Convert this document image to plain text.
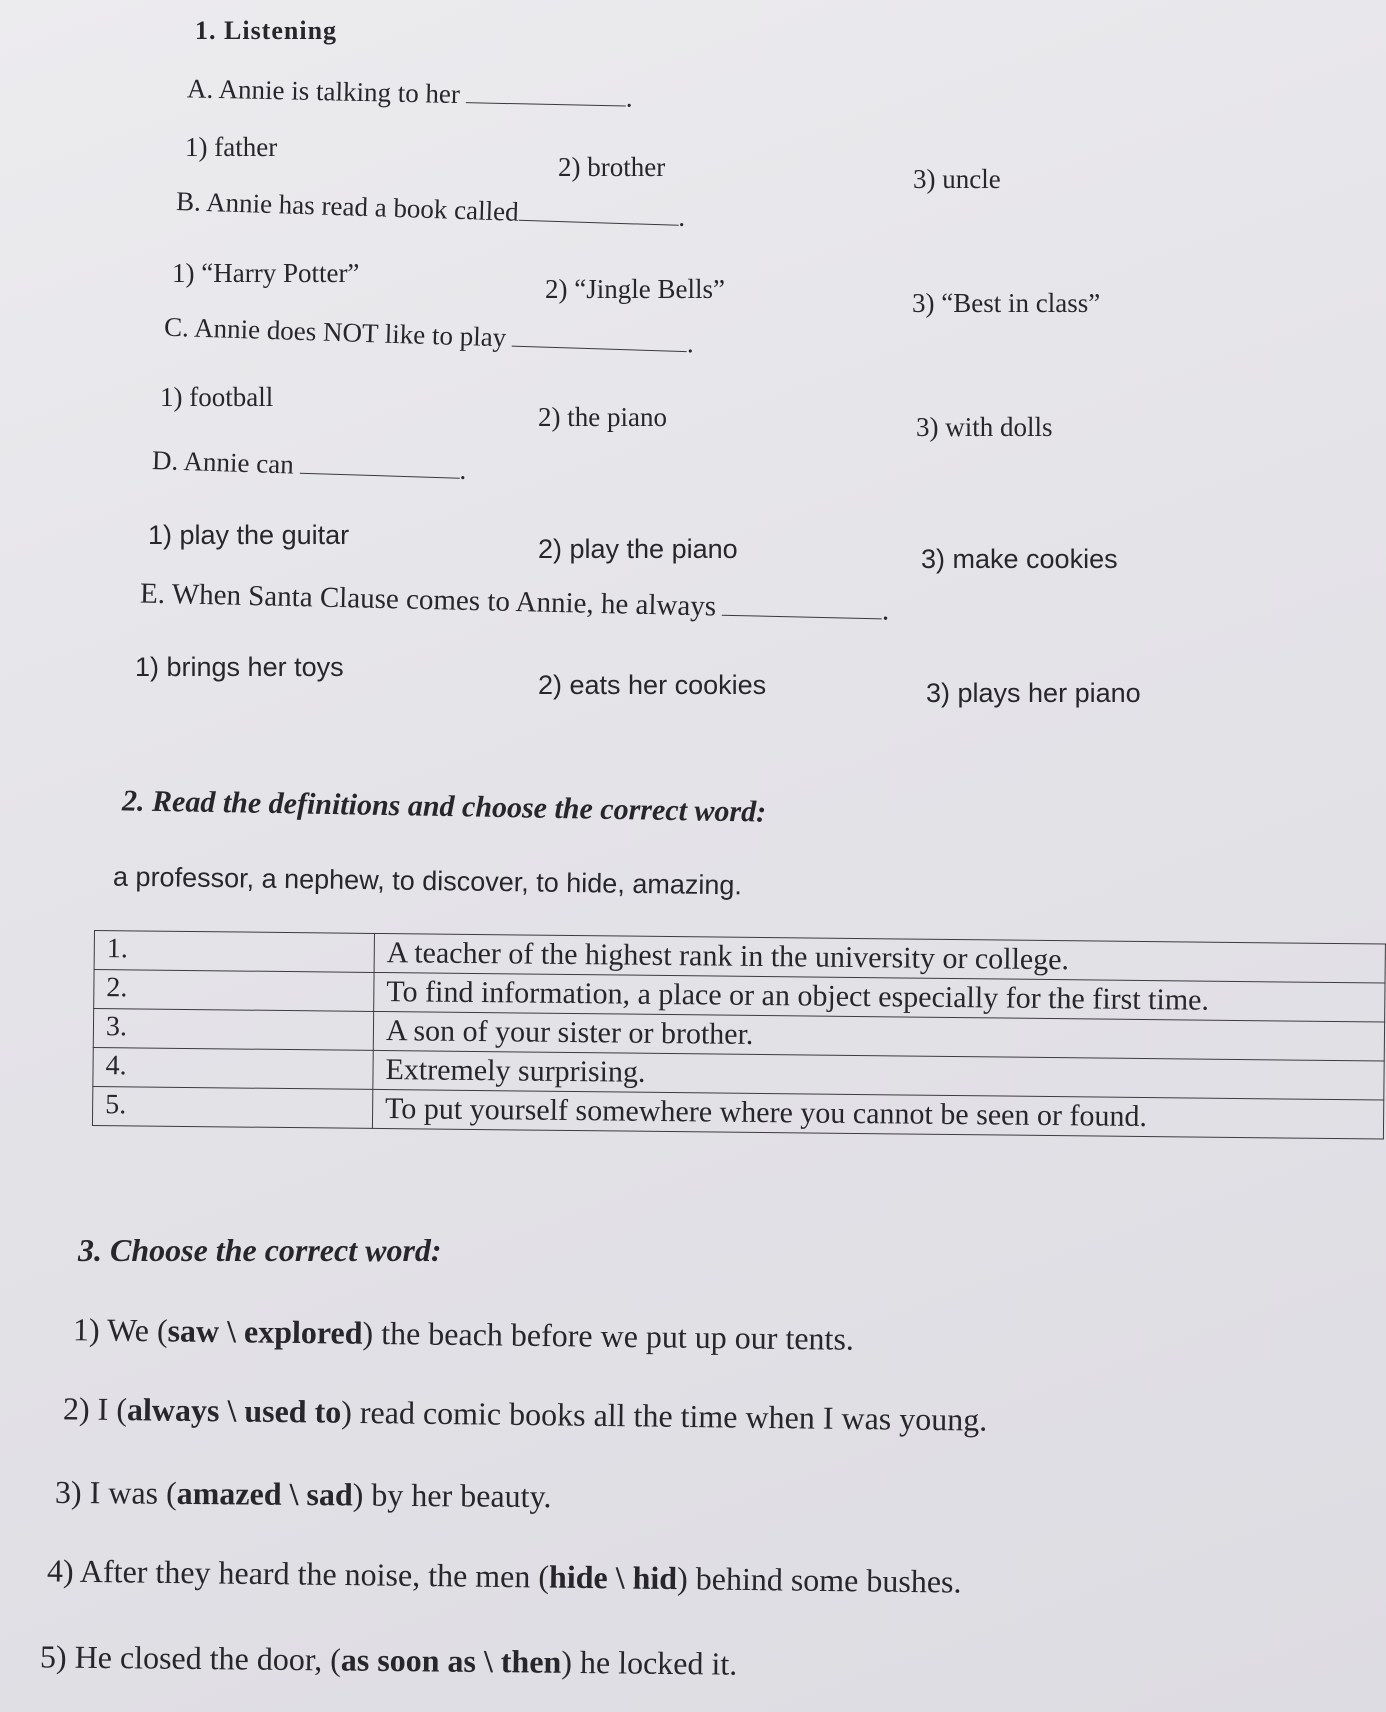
1. Listening
A. Annie is talking to her	.
1) father
2) brother	3) uncle
B. Annie has read a book called	.
1) “Harry Potter”
2) “Jingle Bells”	3) “Best in class”
C. Annie does NOT like to play	.
1) football
2) the piano	3) with dolls
D. Annie can	.
1) play the guitar	2) play the piano	3) make cookies
E. When Santa Clause comes to Annie, he always	.
1) brings her toys
2) eats her cookies	3) plays her piano
2. Read the definitions and choose the correct word:
a professor, a nephew, to discover, to hide, amazing.
1.	A teacher of the highest rank in the university or college.
2.	To find information, a place or an object especially for the first time.
3.	A son of your sister or brother.
4.	Extremely surprising.
5.	To put yourself somewhere where you cannot be seen or found.
3. Choose the correct word:
1) We (saw \ explored) the beach before we put up our tents.
2) I (always \ used to) read comic books all the time when I was young.
3) I was (amazed \ sad) by her beauty.
4) After they heard the noise, the men (hide \ hid) behind some bushes.
5) He closed the door, (as soon as \ then) he locked it.
